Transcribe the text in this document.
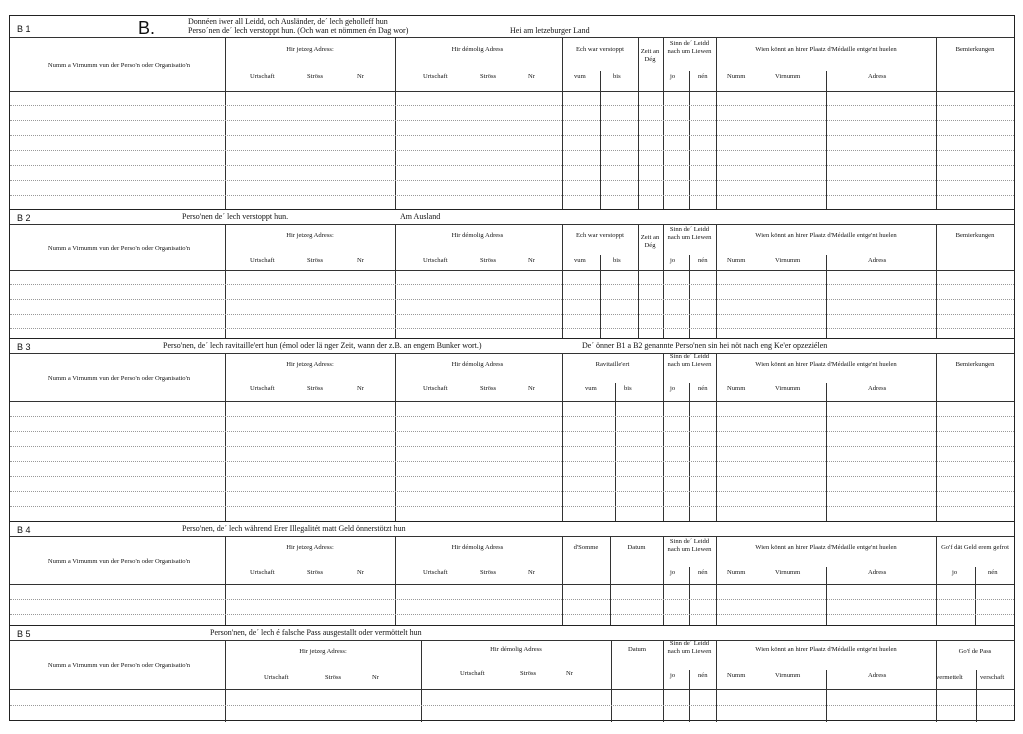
B 1	B.	Donnéen iwer all Leidd, och Ausländer, de´ lech geholleff hun
Perso´nen de´ lech verstoppt hun. (Och wan et nömmen én Dag wor)	Hei am letzeburger Land
Numm a Virnumm vun der Perso'n oder Organisatio'n
Hir jetzeg Adress:
Urtschaft	Ströss	Nr
Hir démolig Adress
Urtschaft	Ströss	Nr
Ech war verstoppt
vum	bis
Zeit an Dég
Sinn de´ Leidd nach um Liewen
jo	nén
Wien könnt an hirer Plaatz d'Médaille entge'nt huelen
Numm	Virnumm	Adress
Bemierkungen
B 2	Perso'nen de´ lech verstoppt hun.	Am Ausland
Numm a Virnumm vun der Perso'n oder Organisatio'n
Hir jetzeg Adress:
Urtschaft	Ströss	Nr
Hir démolig Adress
Urtschaft	Ströss	Nr
Ech war verstoppt
vum	bis
Zeit an Dég
Sinn de´ Leidd nach um Liewen
jo	nén
Wien könnt an hirer Plaatz d'Médaille entge'nt huelen
Numm	Virnumm	Adress
Bemierkungen
B 3	Perso'nen, de´ lech ravitaille'ert hun (émol oder lä nger Zeit, wann der z.B. an engem Bunker wort.)	De´ önner B1 a B2 genannte Perso'nen sin hei nöt nach eng Ke'er opzeziélen
Numm a Virnumm vun der Perso'n oder Organisatio'n
Hir jetzeg Adress:
Urtschaft	Ströss	Nr
Hir démolig Adress
Urtschaft	Ströss	Nr
Ravitaille'ert
vum	bis
Sinn de´ Leidd nach um Liewen
jo	nén
Wien könnt an hirer Plaatz d'Médaille entge'nt huelen
Numm	Virnumm	Adress
Bemierkungen
B 4	Perso'nen, de´ lech während Erer Illegalitét matt Geld önnerstötzt hun
Numm a Virnumm vun der Perso'n oder Organisatio'n
Hir jetzeg Adress:
Urtschaft	Ströss	Nr
Hir démolig Adress
Urtschaft	Ströss	Nr
d'Somme	Datum
Sinn de´ Leidd nach um Liewen
jo	nén
Wien könnt an hirer Plaatz d'Médaille entge'nt huelen
Numm	Virnumm	Adress
Go'f dät Geld erem gefrot
jo	nén
B 5	Person'nen, de´ lech é falsche Pass ausgestallt oder vermöttelt hun
Numm a Virnumm vun der Perso'n oder Organisatio'n
Hir jetzeg Adress:
Urtschaft	Ströss	Nr
Hir démolig Adress
Urtschaft	Ströss	Nr
Datum
Sinn de´ Leidd nach um Liewen
jo	nén
Wien könnt an hirer Plaatz d'Médaille entge'nt huelen
Numm	Virnumm	Adress
Go'f de Pass
vermettelt	verschaft
